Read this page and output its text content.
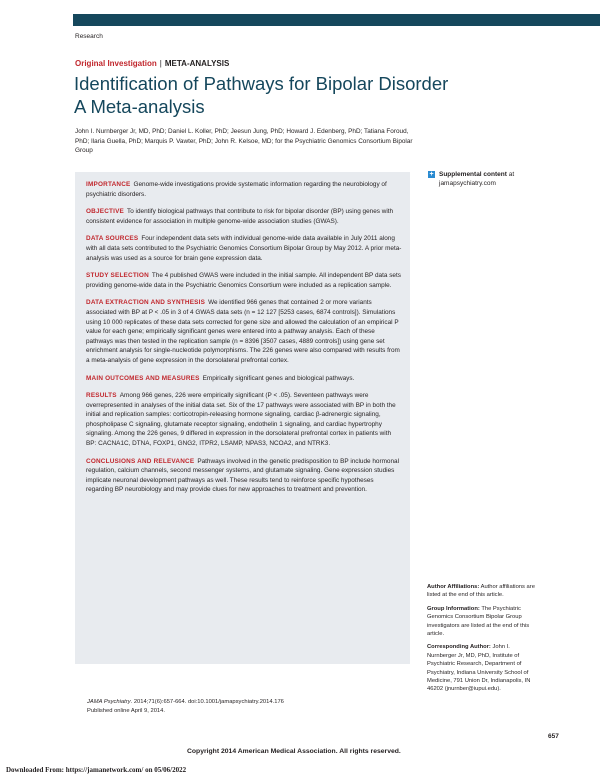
Research
Original Investigation | META-ANALYSIS
Identification of Pathways for Bipolar Disorder
A Meta-analysis
John I. Nurnberger Jr, MD, PhD; Daniel L. Koller, PhD; Jeesun Jung, PhD; Howard J. Edenberg, PhD; Tatiana Foroud, PhD; Ilaria Guella, PhD; Marquis P. Vawter, PhD; John R. Kelsoe, MD; for the Psychiatric Genomics Consortium Bipolar Group
+ Supplemental content at jamapsychiatry.com

IMPORTANCE Genome-wide investigations provide systematic information regarding the neurobiology of psychiatric disorders.

OBJECTIVE To identify biological pathways that contribute to risk for bipolar disorder (BP) using genes with consistent evidence for association in multiple genome-wide association studies (GWAS).

DATA SOURCES Four independent data sets with individual genome-wide data available in July 2011 along with all data sets contributed to the Psychiatric Genomics Consortium Bipolar Group by May 2012. A prior meta-analysis was used as a source for brain gene expression data.

STUDY SELECTION The 4 published GWAS were included in the initial sample. All independent BP data sets providing genome-wide data in the Psychiatric Genomics Consortium were included as a replication sample.

DATA EXTRACTION AND SYNTHESIS We identified 966 genes that contained 2 or more variants associated with BP at P < .05 in 3 of 4 GWAS data sets (n = 12 127 [5253 cases, 6874 controls]). Simulations using 10 000 replicates of these data sets corrected for gene size and allowed the calculation of an empirical P value for each gene; empirically significant genes were entered into a pathway analysis. Each of these pathways was then tested in the replication sample (n = 8396 [3507 cases, 4889 controls]) using gene set enrichment analysis for single-nucleotide polymorphisms. The 226 genes were also compared with results from a meta-analysis of gene expression in the dorsolateral prefrontal cortex.

MAIN OUTCOMES AND MEASURES Empirically significant genes and biological pathways.

RESULTS Among 966 genes, 226 were empirically significant (P < .05). Seventeen pathways were overrepresented in analyses of the initial data set. Six of the 17 pathways were associated with BP in both the initial and replication samples: corticotropin-releasing hormone signaling, cardiac β-adrenergic signaling, phospholipase C signaling, glutamate receptor signaling, endothelin 1 signaling, and cardiac hypertrophy signaling. Among the 226 genes, 9 differed in expression in the dorsolateral prefrontal cortex in patients with BP: CACNA1C, DTNA, FOXP1, GNG2, ITPR2, LSAMP, NPAS3, NCOA2, and NTRK3.

CONCLUSIONS AND RELEVANCE Pathways involved in the genetic predisposition to BP include hormonal regulation, calcium channels, second messenger systems, and glutamate signaling. Gene expression studies implicate neuronal development pathways as well. These results tend to reinforce specific hypotheses regarding BP neurobiology and may provide clues for new approaches to treatment and prevention.

JAMA Psychiatry. 2014;71(6):657-664. doi:10.1001/jamapsychiatry.2014.176
Published online April 9, 2014.
Author Affiliations: Author affiliations are listed at the end of this article.
Group Information: The Psychiatric Genomics Consortium Bipolar Group investigators are listed at the end of this article.
Corresponding Author: John I. Nurnberger Jr, MD, PhD, Institute of Psychiatric Research, Department of Psychiatry, Indiana University School of Medicine, 791 Union Dr, Indianapolis, IN 46202 (jnurnber@iupui.edu).
657
Copyright 2014 American Medical Association. All rights reserved.
Downloaded From: https://jamanetwork.com/ on 05/06/2022
